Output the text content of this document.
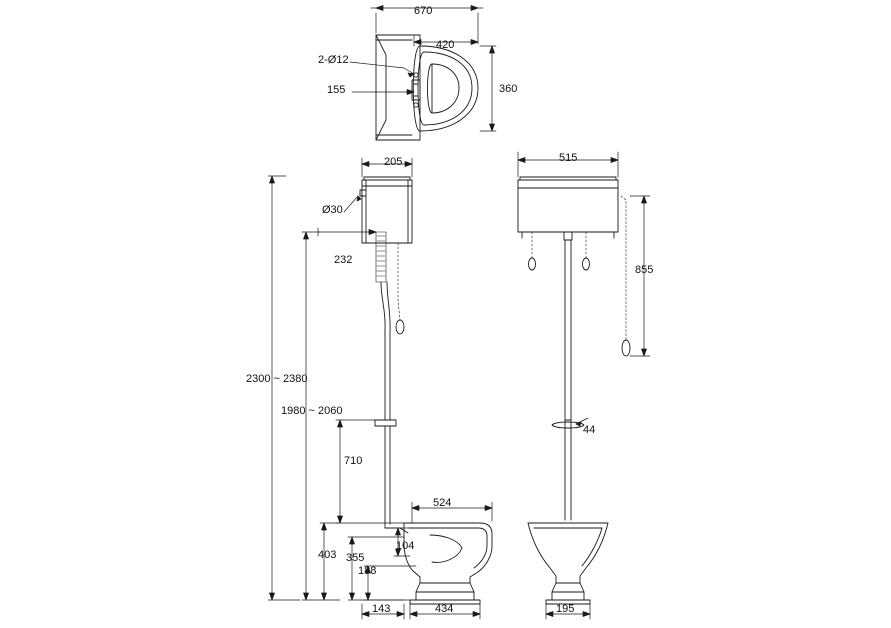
670
420
360
2-Ø12
155
205
Ø30
232
515
855
2300 ~ 2380
1980 ~ 2060
710
524
104
403 355
188
143	434	195
44
